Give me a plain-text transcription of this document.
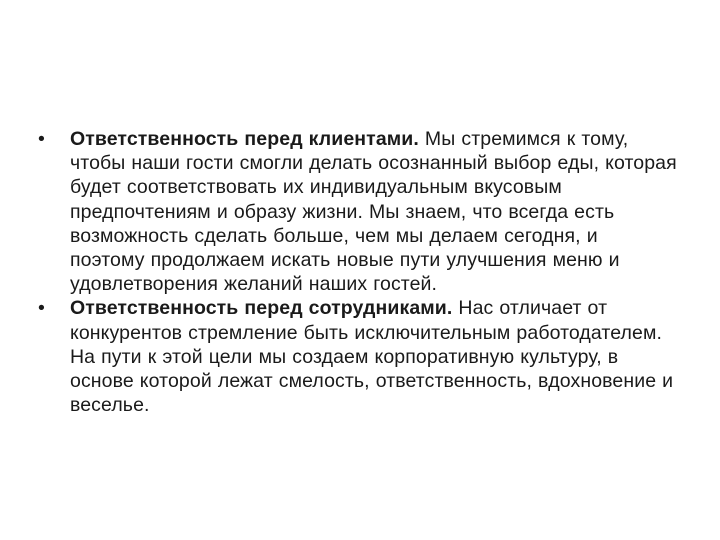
•	Ответственность перед клиентами. Мы стремимся к тому, чтобы наши гости смогли делать осознанный выбор еды, которая будет соответствовать их индивидуальным вкусовым предпочтениям и образу жизни. Мы знаем, что всегда есть возможность сделать больше, чем мы делаем сегодня, и поэтому продолжаем искать новые пути улучшения меню и удовлетворения желаний наших гостей.
•	Ответственность перед сотрудниками. Нас отличает от конкурентов стремление быть исключительным работодателем. На пути к этой цели мы создаем корпоративную культуру, в основе которой лежат смелость, ответственность, вдохновение и веселье.
